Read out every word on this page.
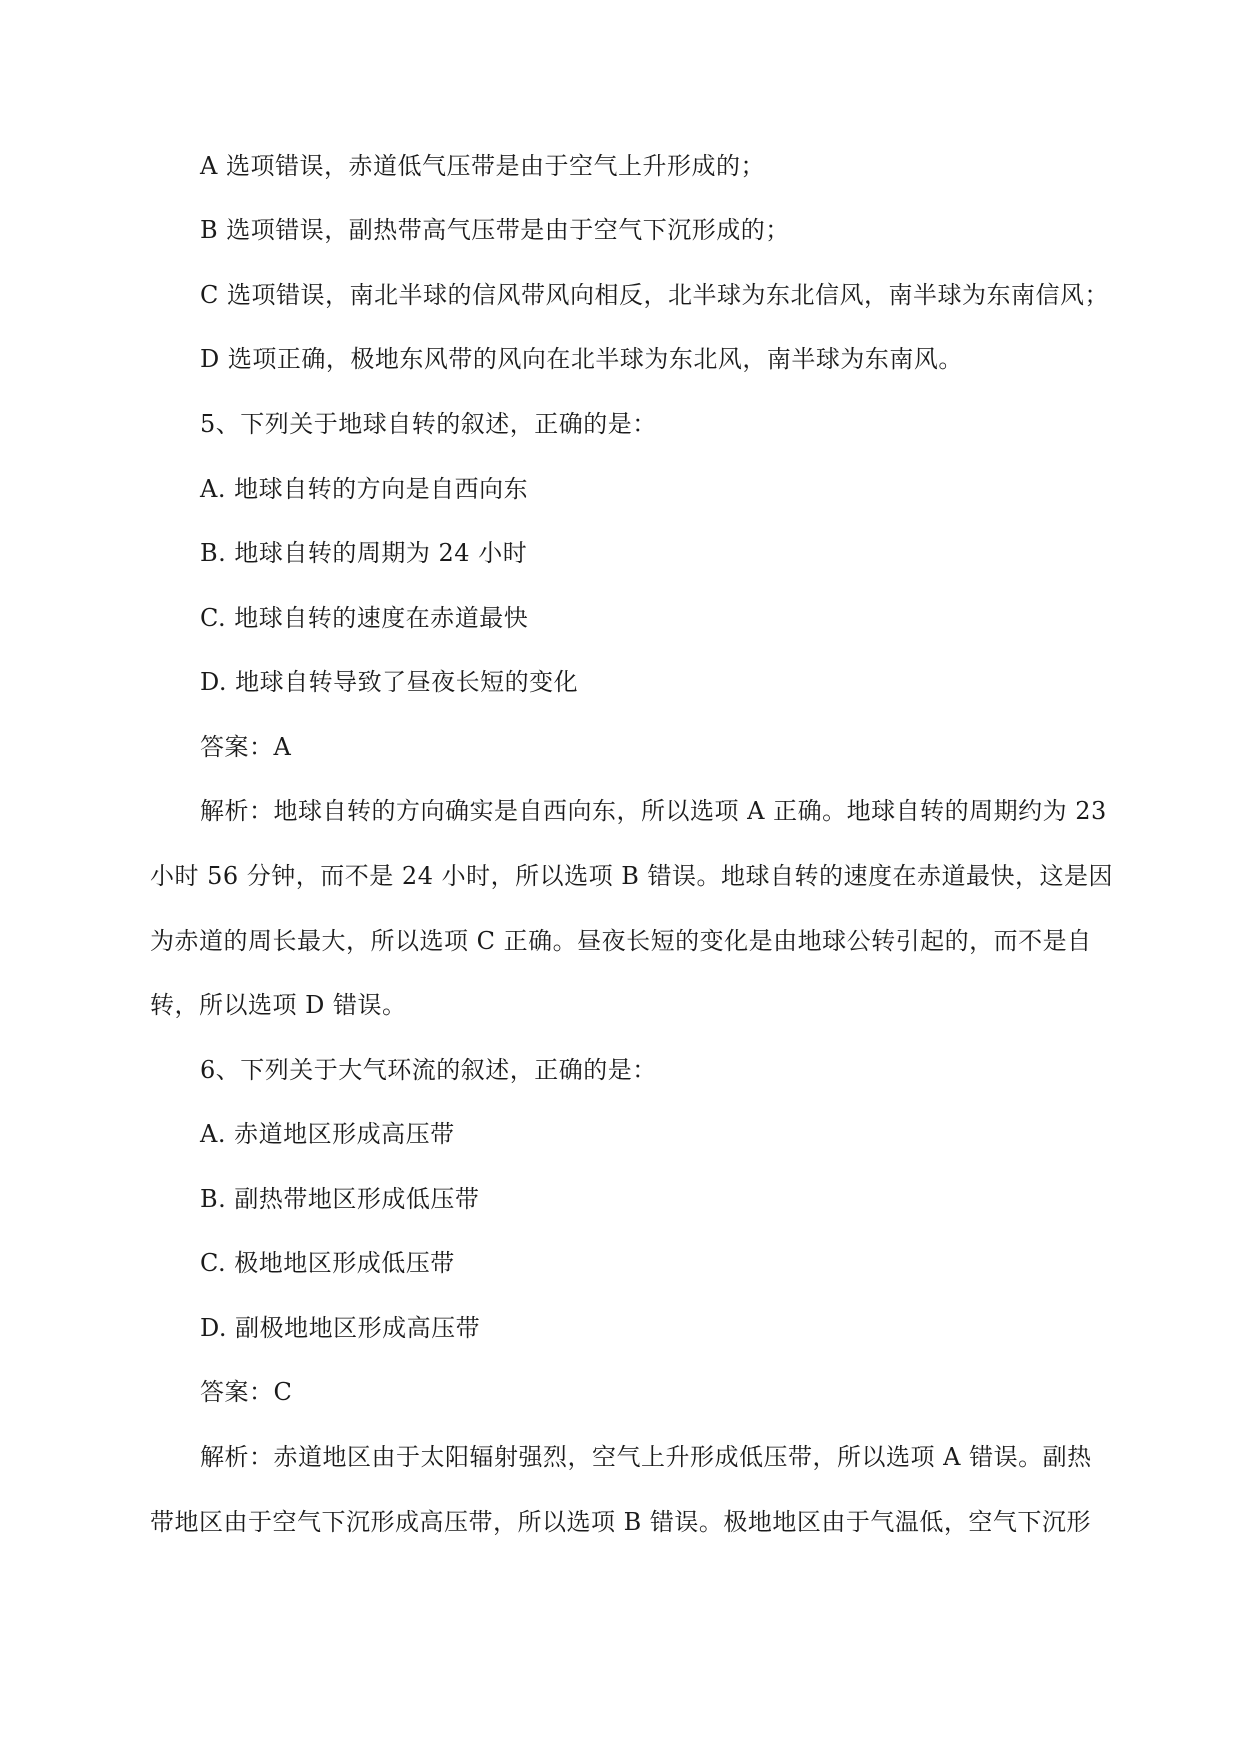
A 选项错误，赤道低气压带是由于空气上升形成的；
B 选项错误，副热带高气压带是由于空气下沉形成的；
C 选项错误，南北半球的信风带风向相反，北半球为东北信风，南半球为东南信风；
D 选项正确，极地东风带的风向在北半球为东北风，南半球为东南风。
5、下列关于地球自转的叙述，正确的是：
A. 地球自转的方向是自西向东
B. 地球自转的周期为 24 小时
C. 地球自转的速度在赤道最快
D. 地球自转导致了昼夜长短的变化
答案：A
解析：地球自转的方向确实是自西向东，所以选项 A 正确。地球自转的周期约为 23
小时 56 分钟，而不是 24 小时，所以选项 B 错误。地球自转的速度在赤道最快，这是因
为赤道的周长最大，所以选项 C 正确。昼夜长短的变化是由地球公转引起的，而不是自
转，所以选项 D 错误。
6、下列关于大气环流的叙述，正确的是：
A. 赤道地区形成高压带
B. 副热带地区形成低压带
C. 极地地区形成低压带
D. 副极地地区形成高压带
答案：C
解析：赤道地区由于太阳辐射强烈，空气上升形成低压带，所以选项 A 错误。副热
带地区由于空气下沉形成高压带，所以选项 B 错误。极地地区由于气温低，空气下沉形
